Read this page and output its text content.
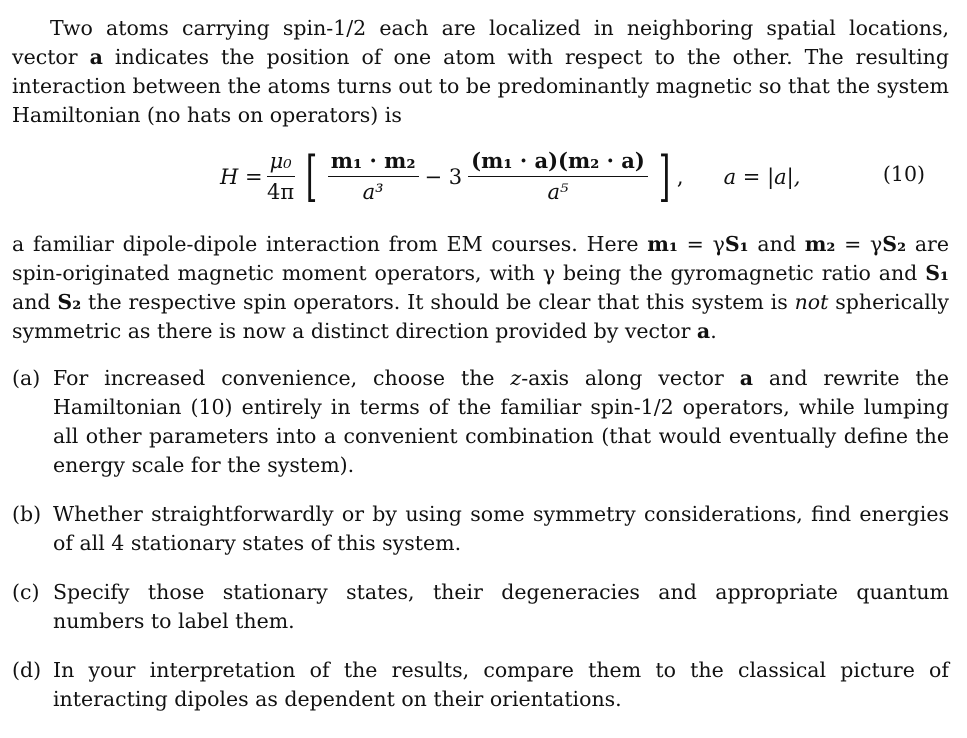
Two atoms carrying spin-1/2 each are localized in neighboring spatial locations, vector a indicates the position of one atom with respect to the other. The resulting interaction between the atoms turns out to be predominantly magnetic so that the system Hamiltonian (no hats on operators) is

$H = \frac{\text{μ₀}}{4\pi}$ [ $\frac{\text{m₁ · m₂}}{\text{a³}} - 3 \frac{\text{(m₁ · a)(m₂ · a)}}{\text{a⁵}}$ ] , a = |a|,	(10)

a familiar dipole-dipole interaction from EM courses. Here m₁ = γS₁ and m₂ = γS₂ are spin-originated magnetic moment operators, with γ being the gyromagnetic ratio and S₁ and S₂ the respective spin operators. It should be clear that this system is not spherically symmetric as there is now a distinct direction provided by vector a.

(a) For increased convenience, choose the z-axis along vector a and rewrite the Hamiltonian (10) entirely in terms of the familiar spin-1/2 operators, while lumping all other parameters into a convenient combination (that would eventually define the energy scale for the system).
(b) Whether straightforwardly or by using some symmetry considerations, find energies of all 4 stationary states of this system.
(c) Specify those stationary states, their degeneracies and appropriate quantum numbers to label them.
(d) In your interpretation of the results, compare them to the classical picture of interacting dipoles as dependent on their orientations.
